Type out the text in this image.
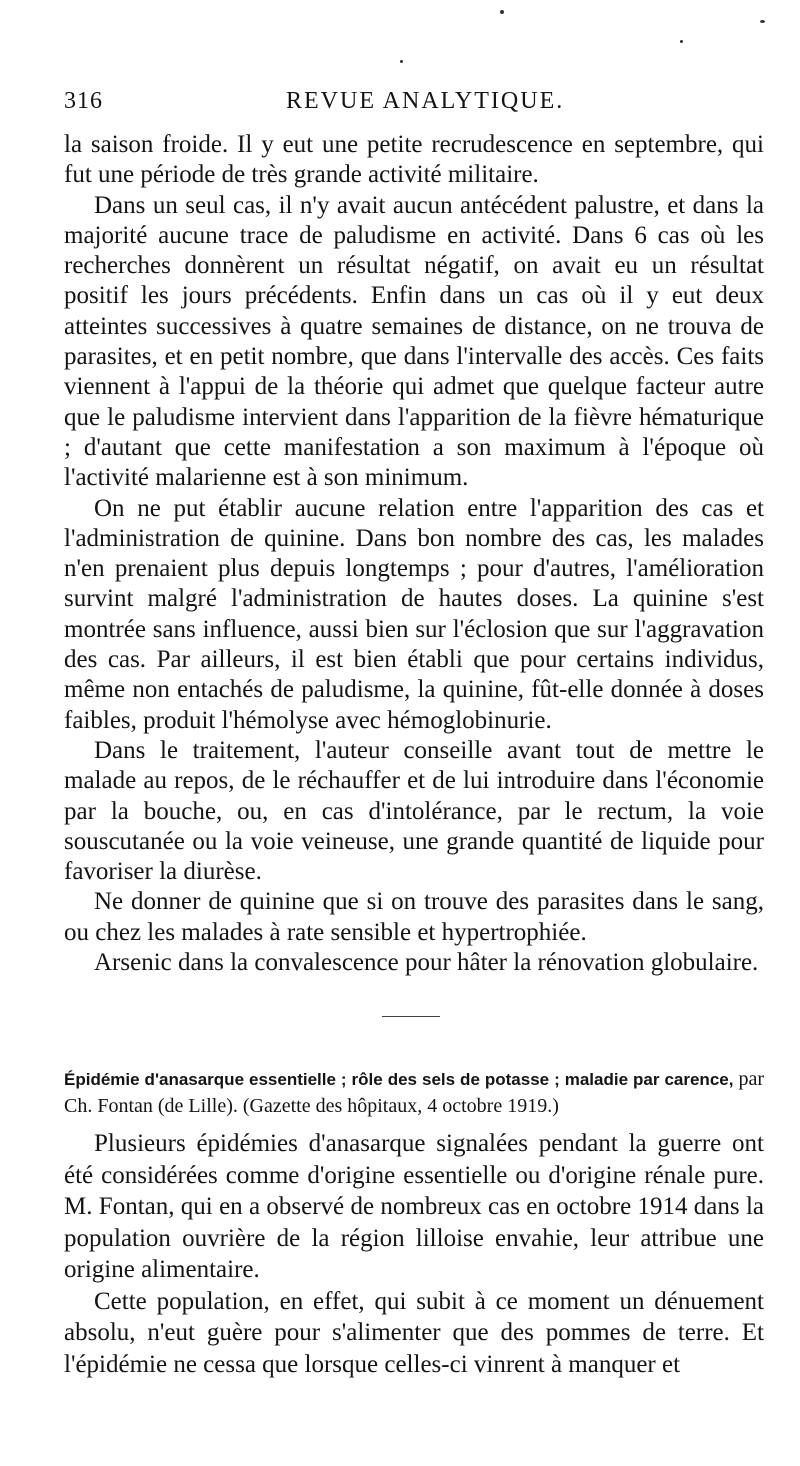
316	REVUE ANALYTIQUE.

la saison froide. Il y eut une petite recrudescence en septembre, qui fut une période de très grande activité militaire.

Dans un seul cas, il n'y avait aucun antécédent palustre, et dans la majorité aucune trace de paludisme en activité. Dans 6 cas où les recherches donnèrent un résultat négatif, on avait eu un résultat positif les jours précédents. Enfin dans un cas où il y eut deux atteintes successives à quatre semaines de distance, on ne trouva de parasites, et en petit nombre, que dans l'intervalle des accès. Ces faits viennent à l'appui de la théorie qui admet que quelque facteur autre que le paludisme intervient dans l'apparition de la fièvre hématurique ; d'autant que cette manifestation a son maximum à l'époque où l'activité malarienne est à son minimum.

On ne put établir aucune relation entre l'apparition des cas et l'administration de quinine. Dans bon nombre des cas, les malades n'en prenaient plus depuis longtemps ; pour d'autres, l'amélioration survint malgré l'administration de hautes doses. La quinine s'est montrée sans influence, aussi bien sur l'éclosion que sur l'aggravation des cas. Par ailleurs, il est bien établi que pour certains individus, même non entachés de paludisme, la quinine, fût-elle donnée à doses faibles, produit l'hémolyse avec hémoglobinurie.

Dans le traitement, l'auteur conseille avant tout de mettre le malade au repos, de le réchauffer et de lui introduire dans l'économie par la bouche, ou, en cas d'intolérance, par le rectum, la voie souscutanée ou la voie veineuse, une grande quantité de liquide pour favoriser la diurèse.

Ne donner de quinine que si on trouve des parasites dans le sang, ou chez les malades à rate sensible et hypertrophiée.

Arsenic dans la convalescence pour hâter la rénovation globulaire.

Épidémie d'anasarque essentielle ; rôle des sels de potasse ; maladie par carence, par Ch. Fontan (de Lille). (Gazette des hôpitaux, 4 octobre 1919.)

Plusieurs épidémies d'anasarque signalées pendant la guerre ont été considérées comme d'origine essentielle ou d'origine rénale pure. M. Fontan, qui en a observé de nombreux cas en octobre 1914 dans la population ouvrière de la région lilloise envahie, leur attribue une origine alimentaire.

Cette population, en effet, qui subit à ce moment un dénuement absolu, n'eut guère pour s'alimenter que des pommes de terre. Et l'épidémie ne cessa que lorsque celles-ci vinrent à manquer et
